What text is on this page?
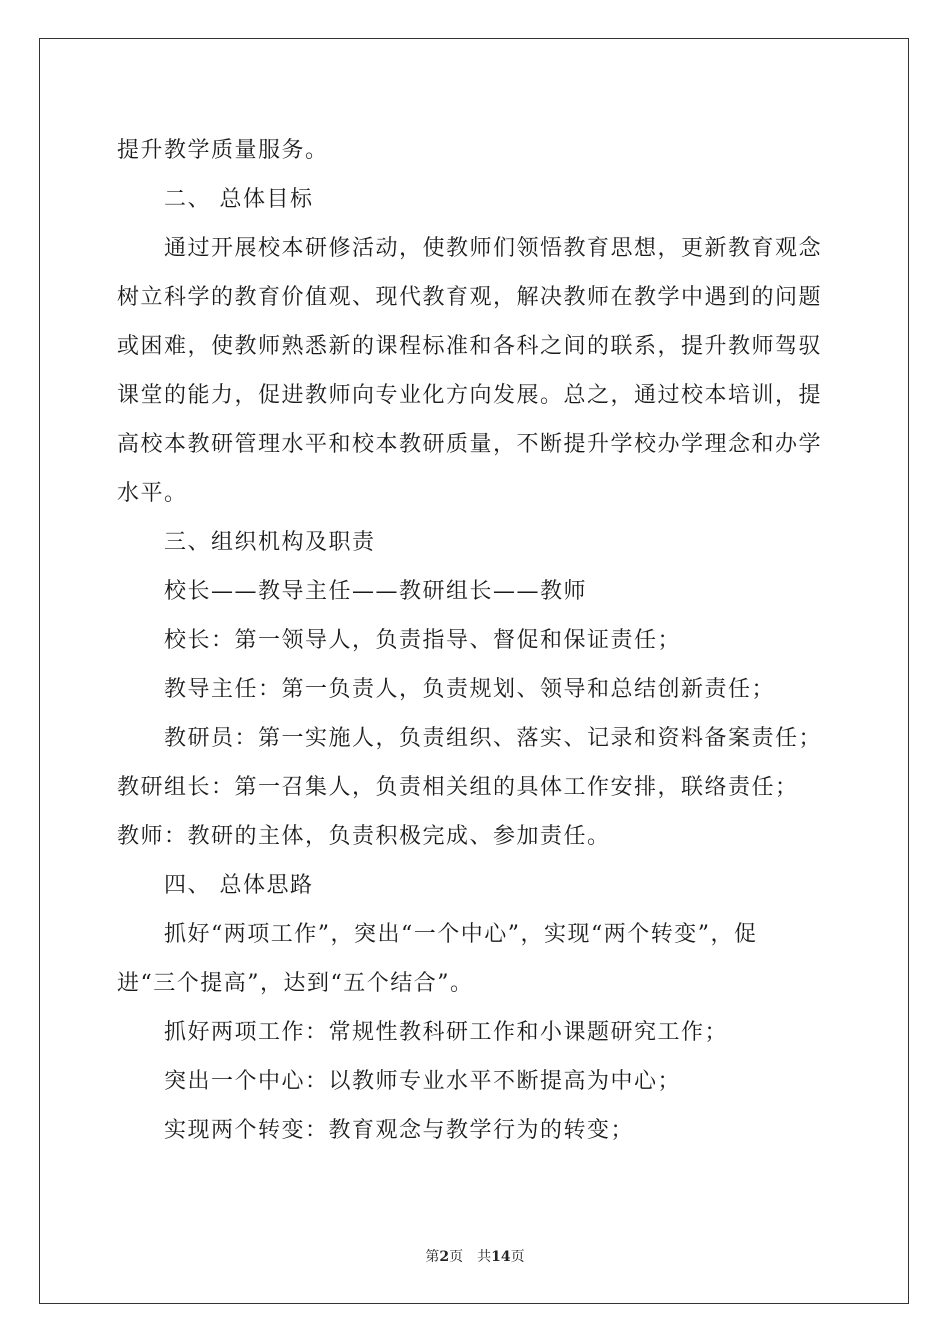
提升教学质量服务。
二、 总体目标
通过开展校本研修活动，使教师们领悟教育思想，更新教育观念
树立科学的教育价值观、现代教育观，解决教师在教学中遇到的问题
或困难，使教师熟悉新的课程标准和各科之间的联系，提升教师驾驭
课堂的能力，促进教师向专业化方向发展。总之，通过校本培训，提
高校本教研管理水平和校本教研质量，不断提升学校办学理念和办学
水平。
三、组织机构及职责
校长——教导主任——教研组长——教师
校长：第一领导人，负责指导、督促和保证责任；
教导主任：第一负责人，负责规划、领导和总结创新责任；
教研员：第一实施人，负责组织、落实、记录和资料备案责任；
教研组长：第一召集人，负责相关组的具体工作安排，联络责任；
教师：教研的主体，负责积极完成、参加责任。
四、 总体思路
抓好“两项工作”，突出“一个中心”，实现“两个转变”，促
进“三个提高”，达到“五个结合”。
抓好两项工作：常规性教科研工作和小课题研究工作；
突出一个中心：以教师专业水平不断提高为中心；
实现两个转变：教育观念与教学行为的转变；
第2页 共14页
